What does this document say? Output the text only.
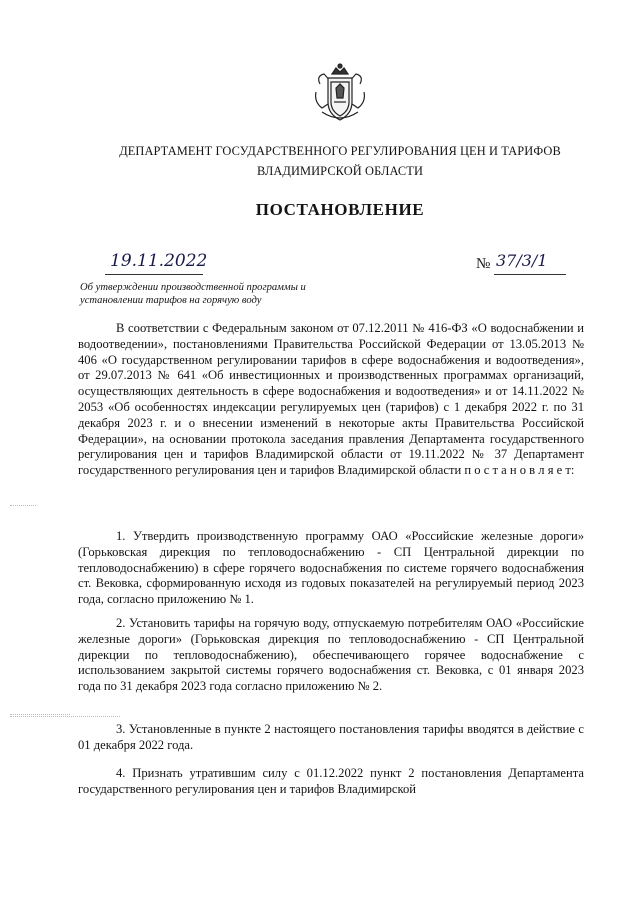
ДЕПАРТАМЕНТ ГОСУДАРСТВЕННОГО РЕГУЛИРОВАНИЯ ЦЕН И ТАРИФОВ
ВЛАДИМИРСКОЙ ОБЛАСТИ
ПОСТАНОВЛЕНИЕ
19.11.2022	№ 37/3/1
Об утверждении производственной программы и установлении тарифов на горячую воду

В соответствии с Федеральным законом от 07.12.2011 № 416-ФЗ «О водоснабжении и водоотведении», постановлениями Правительства Российской Федерации от 13.05.2013 № 406 «О государственном регулировании тарифов в сфере водоснабжения и водоотведения», от 29.07.2013 № 641 «Об инвестиционных и производственных программах организаций, осуществляющих деятельность в сфере водоснабжения и водоотведения» и от 14.11.2022 № 2053 «Об особенностях индексации регулируемых цен (тарифов) с 1 декабря 2022 г. по 31 декабря 2023 г. и о внесении изменений в некоторые акты Правительства Российской Федерации», на основании протокола заседания правления Департамента государственного регулирования цен и тарифов Владимирской области от 19.11.2022 № 37 Департамент государственного регулирования цен и тарифов Владимирской области п о с т а н о в л я е т:

1. Утвердить производственную программу ОАО «Российские железные дороги» (Горьковская дирекция по тепловодоснабжению - СП Центральной дирекции по тепловодоснабжению) в сфере горячего водоснабжения по системе горячего водоснабжения ст. Вековка, сформированную исходя из годовых показателей на регулируемый период 2023 года, согласно приложению № 1.

2. Установить тарифы на горячую воду, отпускаемую потребителям ОАО «Российские железные дороги» (Горьковская дирекция по тепловодоснабжению - СП Центральной дирекции по тепловодоснабжению), обеспечивающего горячее водоснабжение с использованием закрытой системы горячего водоснабжения ст. Вековка, с 01 января 2023 года по 31 декабря 2023 года согласно приложению № 2.

3. Установленные в пункте 2 настоящего постановления тарифы вводятся в действие с 01 декабря 2022 года.

4. Признать утратившим силу с 01.12.2022 пункт 2 постановления Департамента государственного регулирования цен и тарифов Владимирской
